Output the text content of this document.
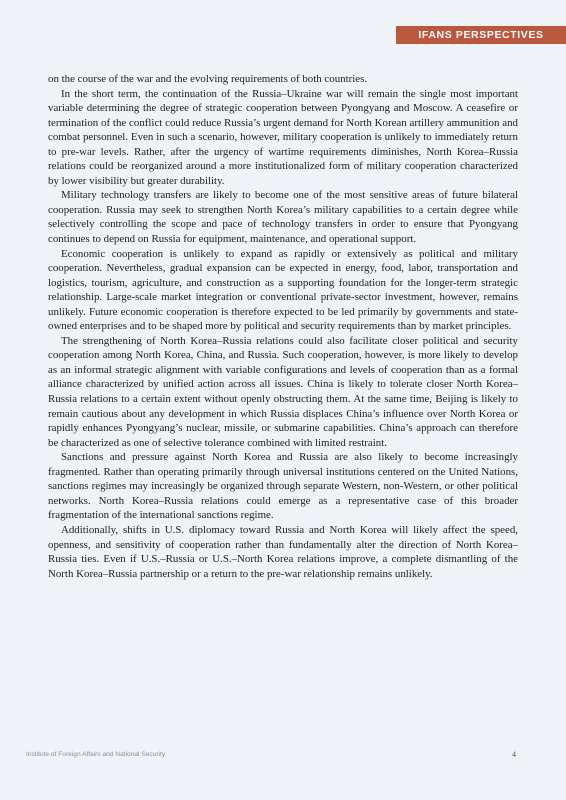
IFANS PERSPECTIVES

on the course of the war and the evolving requirements of both countries.

In the short term, the continuation of the Russia–Ukraine war will remain the single most important variable determining the degree of strategic cooperation between Pyongyang and Moscow. A ceasefire or termination of the conflict could reduce Russia’s urgent demand for North Korean artillery ammunition and combat personnel. Even in such a scenario, however, military cooperation is unlikely to immediately return to pre-war levels. Rather, after the urgency of wartime requirements diminishes, North Korea–Russia relations could be reorganized around a more institutionalized form of military cooperation characterized by lower visibility but greater durability.

Military technology transfers are likely to become one of the most sensitive areas of future bilateral cooperation. Russia may seek to strengthen North Korea’s military capabilities to a certain degree while selectively controlling the scope and pace of technology transfers in order to ensure that Pyongyang continues to depend on Russia for equipment, maintenance, and operational support.

Economic cooperation is unlikely to expand as rapidly or extensively as political and military cooperation. Nevertheless, gradual expansion can be expected in energy, food, labor, transportation and logistics, tourism, agriculture, and construction as a supporting foundation for the longer-term strategic relationship. Large-scale market integration or conventional private-sector investment, however, remains unlikely. Future economic cooperation is therefore expected to be led primarily by governments and state-owned enterprises and to be shaped more by political and security requirements than by market principles.

The strengthening of North Korea–Russia relations could also facilitate closer political and security cooperation among North Korea, China, and Russia. Such cooperation, however, is more likely to develop as an informal strategic alignment with variable configurations and levels of cooperation than as a formal alliance characterized by unified action across all issues. China is likely to tolerate closer North Korea–Russia relations to a certain extent without openly obstructing them. At the same time, Beijing is likely to remain cautious about any development in which Russia displaces China’s influence over North Korea or rapidly enhances Pyongyang’s nuclear, missile, or submarine capabilities. China’s approach can therefore be characterized as one of selective tolerance combined with limited restraint.

Sanctions and pressure against North Korea and Russia are also likely to become increasingly fragmented. Rather than operating primarily through universal institutions centered on the United Nations, sanctions regimes may increasingly be organized through separate Western, non-Western, or other political networks. North Korea–Russia relations could emerge as a representative case of this broader fragmentation of the international sanctions regime.

Additionally, shifts in U.S. diplomacy toward Russia and North Korea will likely affect the speed, openness, and sensitivity of cooperation rather than fundamentally alter the direction of North Korea–Russia ties. Even if U.S.–Russia or U.S.–North Korea relations improve, a complete dismantling of the North Korea–Russia partnership or a return to the pre-war relationship remains unlikely.

Institute of Foreign Affairs and National Security	4
